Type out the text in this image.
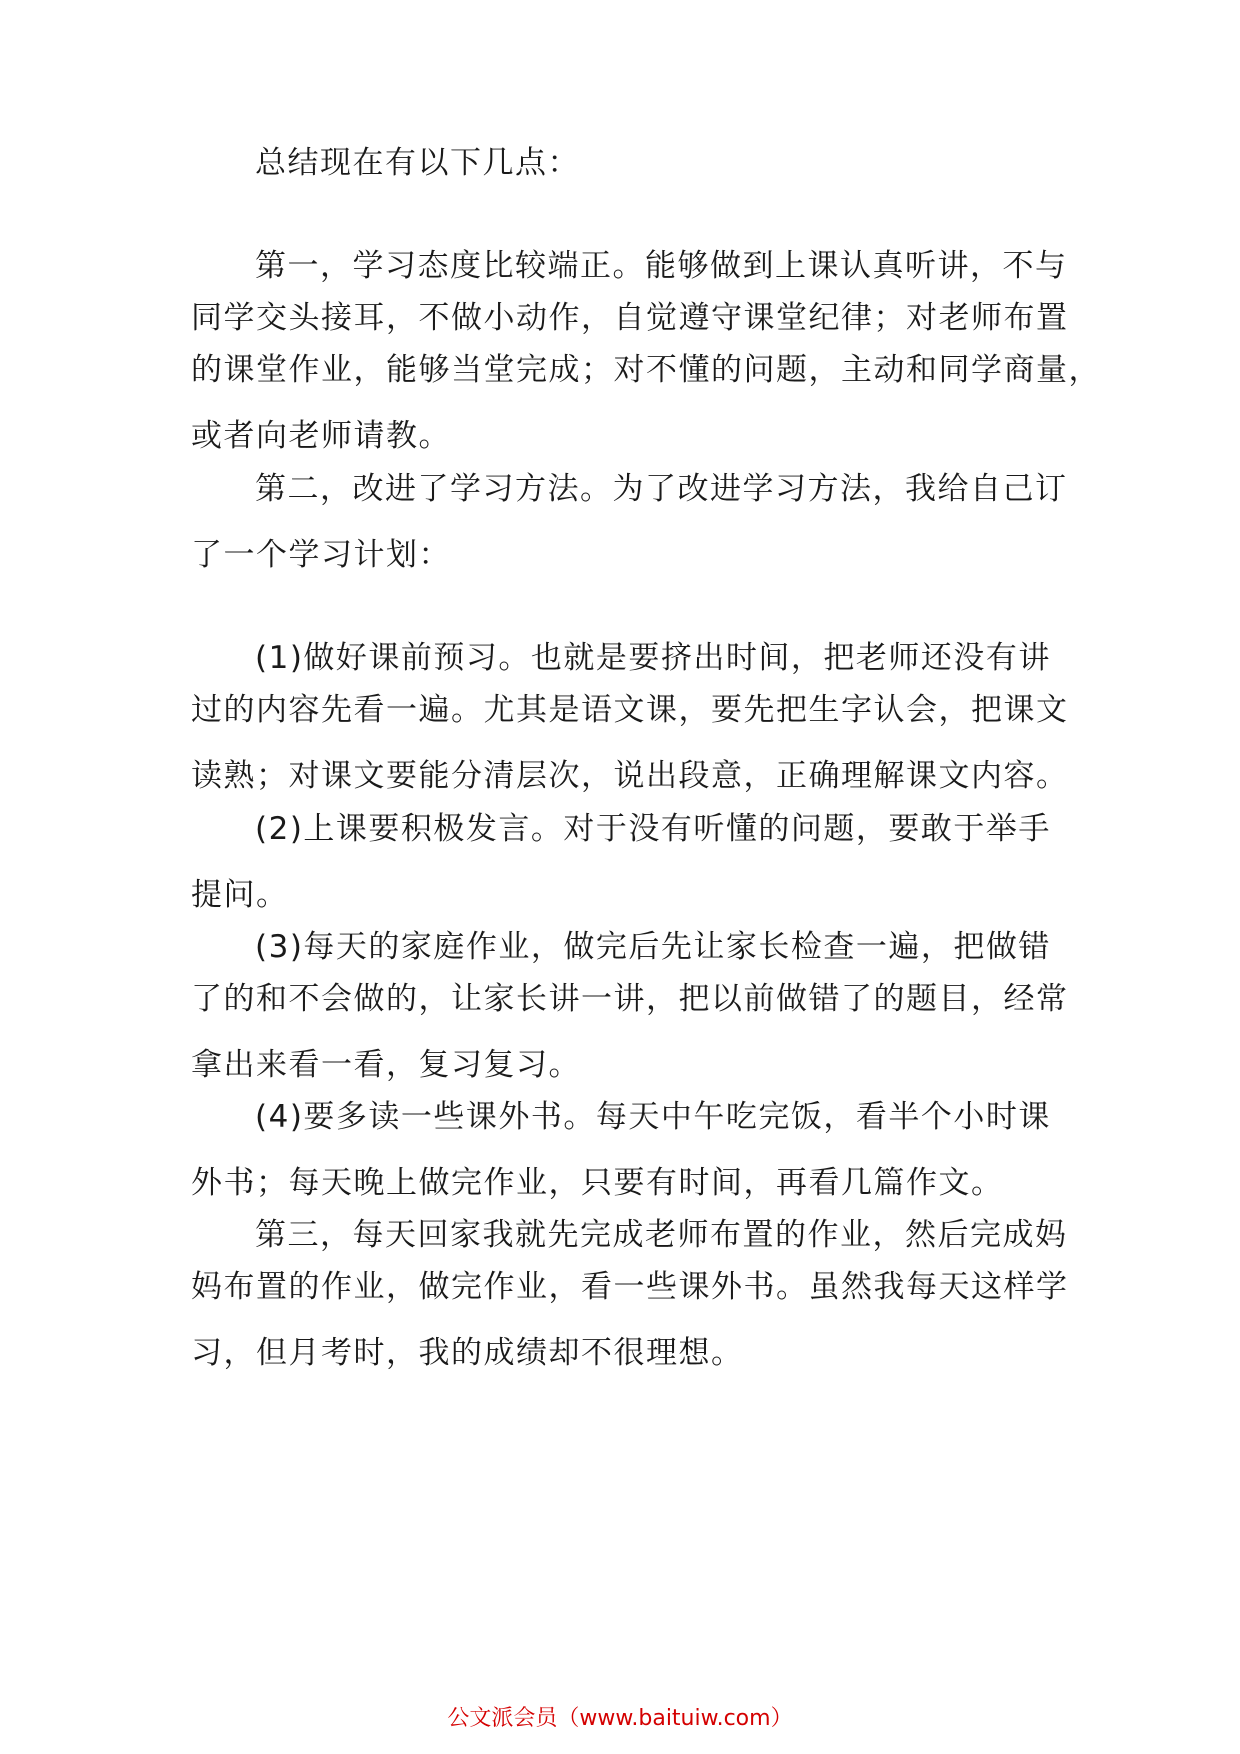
总结现在有以下几点：
第一，学习态度比较端正。能够做到上课认真听讲，不与
同学交头接耳，不做小动作，自觉遵守课堂纪律；对老师布置
的课堂作业，能够当堂完成；对不懂的问题，主动和同学商量，
或者向老师请教。
第二，改进了学习方法。为了改进学习方法，我给自己订
了一个学习计划：
(1)做好课前预习。也就是要挤出时间，把老师还没有讲
过的内容先看一遍。尤其是语文课，要先把生字认会，把课文
读熟；对课文要能分清层次，说出段意，正确理解课文内容。
(2)上课要积极发言。对于没有听懂的问题，要敢于举手
提问。
(3)每天的家庭作业，做完后先让家长检查一遍，把做错
了的和不会做的，让家长讲一讲，把以前做错了的题目，经常
拿出来看一看，复习复习。
(4)要多读一些课外书。每天中午吃完饭，看半个小时课
外书；每天晚上做完作业，只要有时间，再看几篇作文。
第三，每天回家我就先完成老师布置的作业，然后完成妈
妈布置的作业，做完作业，看一些课外书。虽然我每天这样学
习，但月考时，我的成绩却不很理想。
公文派会员（www.baituiw.com）
